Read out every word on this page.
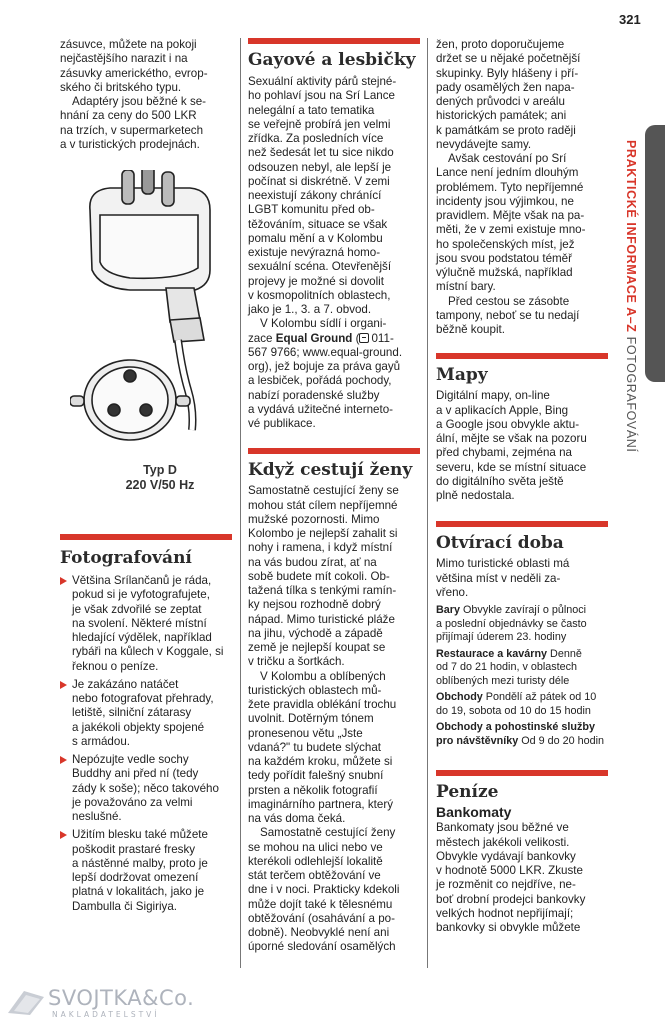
321
PRAKTICKÉ INFORMACE A–Z FOTOGRAFOVÁNÍ

zásuvce, můžete na pokoji

nejčastějšího narazit i na

zásuvky americkétho, evrop-

ského či britského typu.

Adaptéry jsou běžné k se-

hnání za ceny do 500 LKR

na trzích, v supermarketech

a v turistických prodejnách.

Typ D
220 V/50 Hz
Fotografování

Většina Srílančanů je ráda,

pokud si je vyfotografujete,

je však zdvořilé se zeptat

na svolení. Některé místní

hledající výdělek, například

rybáři na kůlech v Koggale, si

řeknou o peníze.

Je zakázáno natáčet

nebo fotografovat přehrady,

letiště, silniční zátarasy

a jakékoli objekty spojené

s armádou.

Nepózujte vedle sochy

Buddhy ani před ní (tedy

zády k soše); něco takového

je považováno za velmi

neslušné.

Užitím blesku také můžete

poškodit prastaré fresky

a nástěnné malby, proto je

lepší dodržovat omezení

platná v lokalitách, jako je

Dambulla či Sigiriya.

Gayové a lesbičky

Sexuální aktivity párů stejné-

ho pohlaví jsou na Srí Lance

nelegální a tato tematika

se veřejně probírá jen velmi

zřídka. Za posledních více

než šedesát let tu sice nikdo

odsouzen nebyl, ale lepší je

počínat si diskrétně. V zemi

neexistují zákony chránící

LGBT komunitu před ob-

těžováním, situace se však

pomalu mění a v Kolombu

existuje nevýrazná homo-

sexuální scéna. Otevřenější

projevy je možné si dovolit

v kosmopolitních oblastech,

jako je 1., 3. a 7. obvod.

V Kolombu sídlí i organi-

zace Equal Ground ( 011-

567 9766; www.equal-ground.

org), jež bojuje za práva gayů

a lesbiček, pořádá pochody,

nabízí poradenské služby

a vydává užitečné internetо-

vé publikace.

Když cestují ženy

Samostatně cestující ženy se

mohou stát cílem nepříjemné

mužské pozornosti. Mimo

Kolombo je nejlepší zahalit si

nohy i ramena, i když místní

na vás budou zírat, ať na

sobě budete mít cokoli. Ob-

tažená tílka s tenkými ramín-

ky nejsou rozhodně dobrý

nápad. Mimo turistické pláže

na jihu, východě a západě

země je nejlepší koupat se

v tričku a šortkách.

V Kolombu a oblíbených

turistických oblastech mů-

žete pravidla oblékání trochu

uvolnit. Dotěrným tónem

pronesenou větu „Jste

vdaná?" tu budete slýchat

na každém kroku, můžete si

tedy pořídit falešný snubní

prsten a několik fotografií

imaginárního partnera, který

na vás doma čeká.

Samostatně cestující ženy

se mohou na ulici nebo ve

kterékoli odlehlejší lokalitě

stát terčem obtěžování ve

dne i v noci. Prakticky kdekoli

může dojít také k tělesnému

obtěžování (osahávání a po-

dobně). Neobvyklé není ani

úporné sledování osamělých

žen, proto doporučujeme

držet se u nějaké početnější

skupinky. Byly hlášeny i pří-

pady osamělých žen napa-

dených průvodci v areálu

historických památek; ani

k památkám se proto raději

nevydávejte samy.

Avšak cestování po Srí

Lance není jedním dlouhým

problémem. Tyto nepříjemné

incidenty jsou výjimkou, ne

pravidlem. Mějte však na pa-

měti, že v zemi existuje mno-

ho společenských míst, jež

jsou svou podstatou téměř

výlučně mužská, například

místní bary.

Před cestou se zásobte

tampony, neboť se tu nedají

běžně koupit.

Mapy

Digitální mapy, on-line

a v aplikacích Apple, Bing

a Google jsou obvykle aktu-

ální, mějte se však na pozoru

před chybami, zejména na

severu, kde se místní situace

do digitálního světa ještě

plně nedostala.

Otvírací doba

Mimo turistické oblasti má

většina míst v neděli za-

vřeno.

Bary Obvykle zavírají o půlnoci

a poslední objednávky se často

přijímají úderem 23. hodiny

Restaurace a kavárny Denně

od 7 do 21 hodin, v oblastech

oblíbených mezi turisty déle

Obchody Pondělí až pátek od 10

do 19, sobota od 10 do 15 hodin

Obchody a pohostinské služby

pro návštěvníky Od 9 do 20 hodin

Peníze
Bankomaty

Bankomaty jsou běžné ve

městech jakékoli velikosti.

Obvykle vydávají bankovky

v hodnotě 5000 LKR. Zkuste

je rozměnit co nejdříve, ne-

boť drobní prodejci bankovky

velkých hodnot nepřijímají;

bankovky si obvykle můžete

SVOJTKA&Co.
NAKLADATELSTVÍ
